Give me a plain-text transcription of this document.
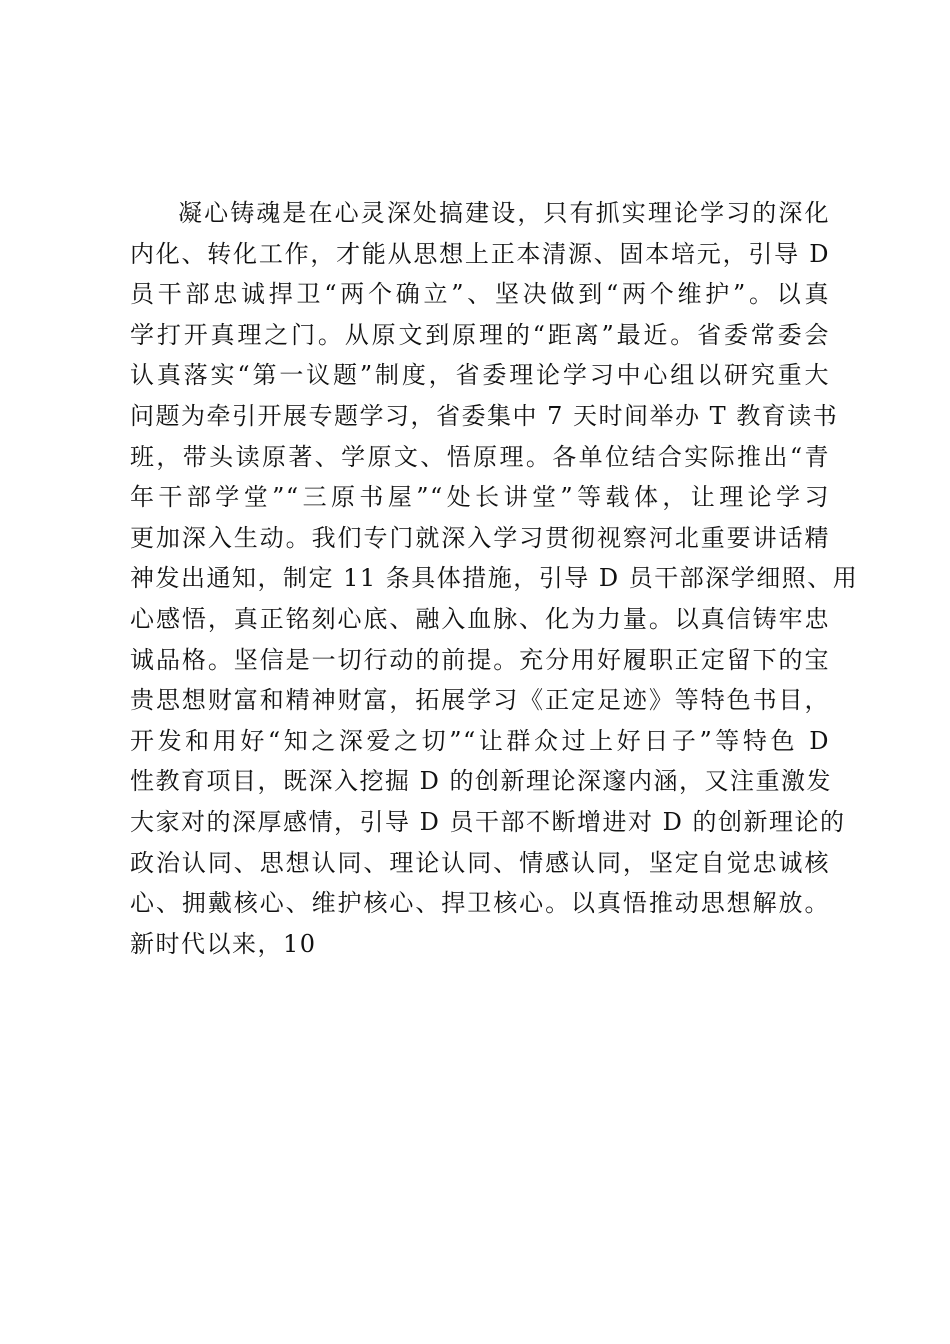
凝心铸魂是在心灵深处搞建设，只有抓实理论学习的深化
内化、转化工作，才能从思想上正本清源、固本培元，引导 D
员干部忠诚捍卫“两个确立”、坚决做到“两个维护”。以真
学打开真理之门。从原文到原理的“距离”最近。省委常委会
认真落实“第一议题”制度，省委理论学习中心组以研究重大
问题为牵引开展专题学习，省委集中 7 天时间举办 T 教育读书
班，带头读原著、学原文、悟原理。各单位结合实际推出“青
年干部学堂”“三原书屋”“处长讲堂”等载体，让理论学习
更加深入生动。我们专门就深入学习贯彻视察河北重要讲话精
神发出通知，制定 11 条具体措施，引导 D 员干部深学细照、用
心感悟，真正铭刻心底、融入血脉、化为力量。以真信铸牢忠
诚品格。坚信是一切行动的前提。充分用好履职正定留下的宝
贵思想财富和精神财富，拓展学习《正定足迹》等特色书目，
开发和用好“知之深爱之切”“让群众过上好日子”等特色 D
性教育项目，既深入挖掘 D 的创新理论深邃内涵，又注重激发
大家对的深厚感情，引导 D 员干部不断增进对 D 的创新理论的
政治认同、思想认同、理论认同、情感认同，坚定自觉忠诚核
心、拥戴核心、维护核心、捍卫核心。以真悟推动思想解放。
新时代以来，10
